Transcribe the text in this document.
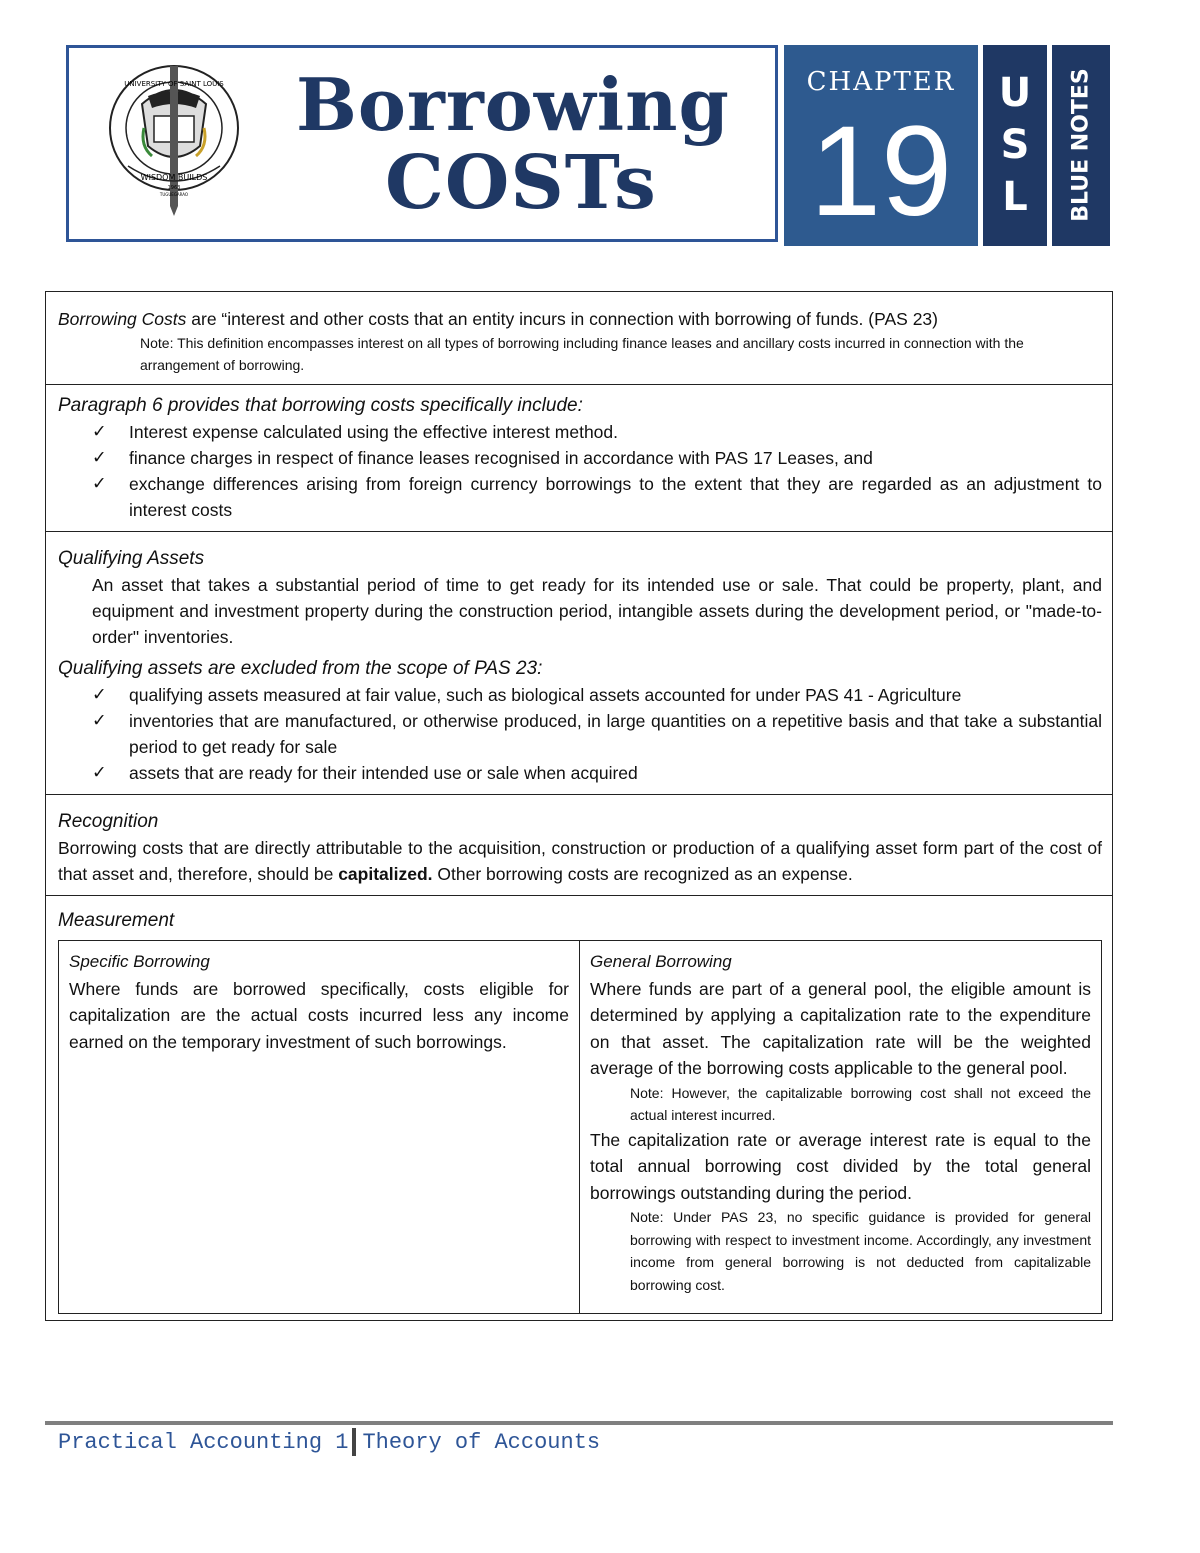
UNIVERSITY OF SAINT LOUIS
WISDOM BUILDS
1963
TUGUEGARAO
Borrowing
COSTs
CHAPTER
19
U
S
L	BLUE NOTES
Borrowing Costs are “interest and other costs that an entity incurs in connection with borrowing of funds. (PAS 23)
Note: This definition encompasses interest on all types of borrowing including finance leases and ancillary costs incurred in connection with the arrangement of borrowing.
Paragraph 6 provides that borrowing costs specifically include:
✓ Interest expense calculated using the effective interest method.
✓ finance charges in respect of finance leases recognised in accordance with PAS 17 Leases, and
✓ exchange differences arising from foreign currency borrowings to the extent that they are regarded as an adjustment to interest costs
Qualifying Assets
An asset that takes a substantial period of time to get ready for its intended use or sale. That could be property, plant, and equipment and investment property during the construction period, intangible assets during the development period, or "made-to-order" inventories.
Qualifying assets are excluded from the scope of PAS 23:
✓ qualifying assets measured at fair value, such as biological assets accounted for under PAS 41 - Agriculture
✓ inventories that are manufactured, or otherwise produced, in large quantities on a repetitive basis and that take a substantial period to get ready for sale
✓ assets that are ready for their intended use or sale when acquired
Recognition
Borrowing costs that are directly attributable to the acquisition, construction or production of a qualifying asset form part of the cost of that asset and, therefore, should be capitalized. Other borrowing costs are recognized as an expense.
Measurement
Specific Borrowing
Where funds are borrowed specifically, costs eligible for capitalization are the actual costs incurred less any income earned on the temporary investment of such borrowings.
General Borrowing
Where funds are part of a general pool, the eligible amount is determined by applying a capitalization rate to the expenditure on that asset. The capitalization rate will be the weighted average of the borrowing costs applicable to the general pool.
Note: However, the capitalizable borrowing cost shall not exceed the actual interest incurred.
The capitalization rate or average interest rate is equal to the total annual borrowing cost divided by the total general borrowings outstanding during the period.
Note: Under PAS 23, no specific guidance is provided for general borrowing with respect to investment income. Accordingly, any investment income from general borrowing is not deducted from capitalizable borrowing cost.
Practical Accounting 1 Theory of Accounts
